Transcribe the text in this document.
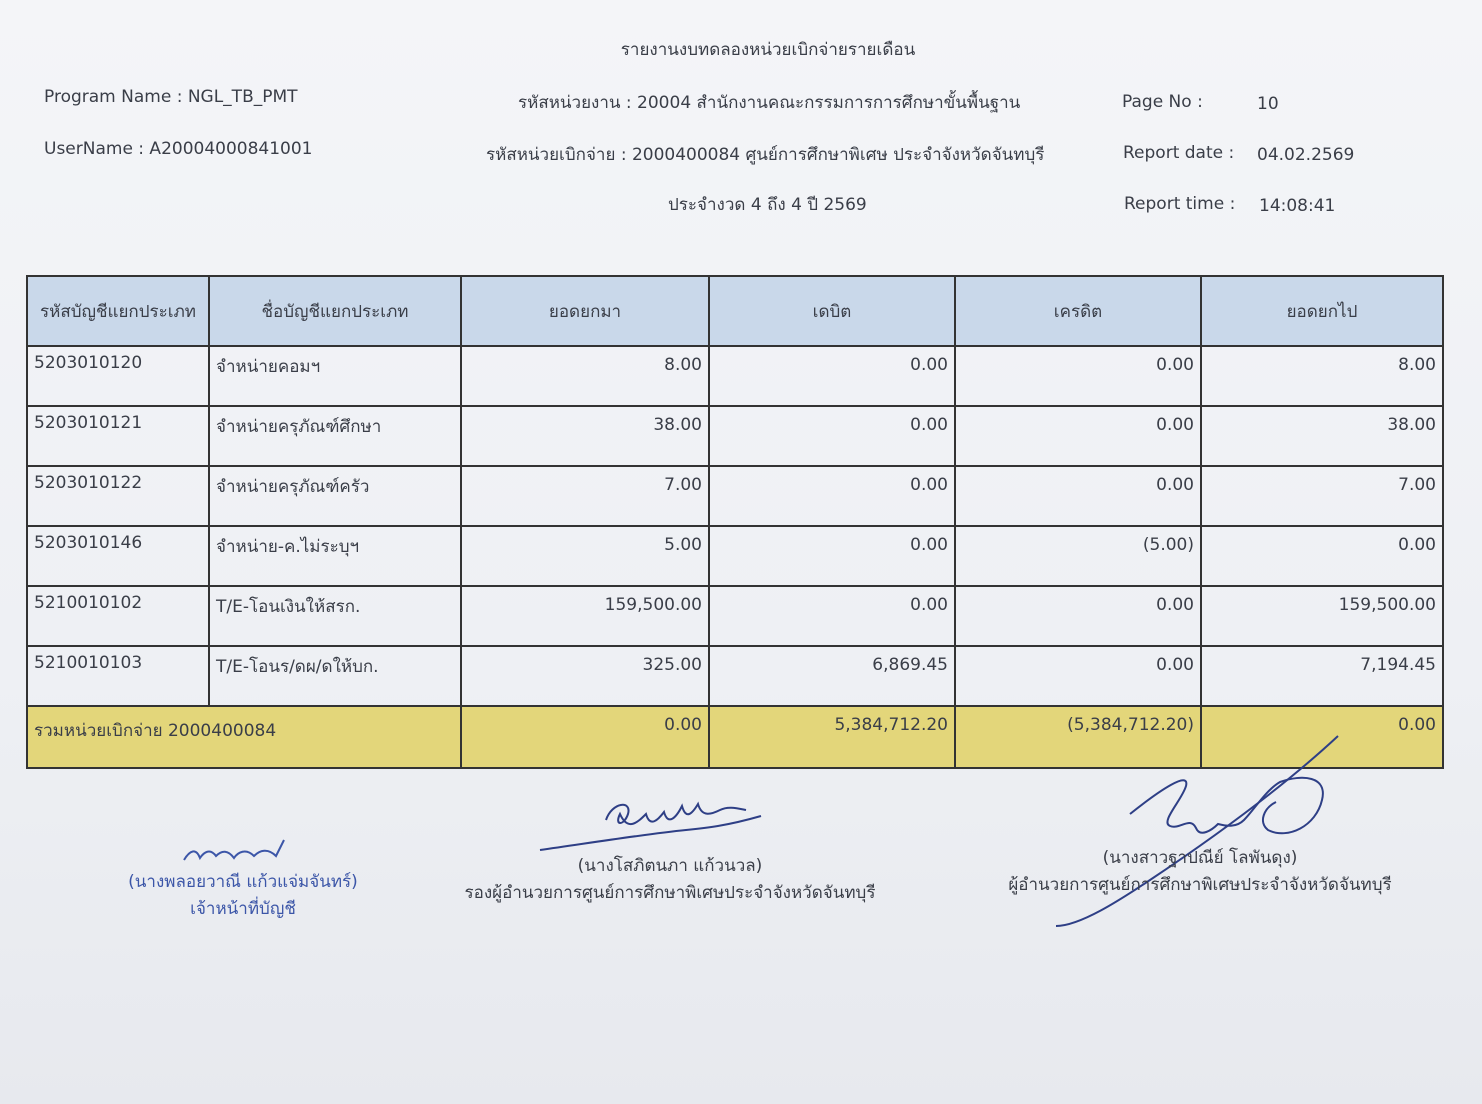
รายงานงบทดลองหน่วยเบิกจ่ายรายเดือน
Program Name : NGL_TB_PMT
UserName : A20004000841001
รหัสหน่วยงาน : 20004 สำนักงานคณะกรรมการการศึกษาขั้นพื้นฐาน
รหัสหน่วยเบิกจ่าย : 2000400084 ศูนย์การศึกษาพิเศษ ประจำจังหวัดจันทบุรี
ประจำงวด 4 ถึง 4 ปี 2569
Page No :	10
Report date : 04.02.2569
Report time : 14:08:41
รหัสบัญชีแยกประเภท	ชื่อบัญชีแยกประเภท	ยอดยกมา	เดบิต	เครดิต	ยอดยกไป
5203010120	จำหน่ายคอมฯ	8.00	0.00	0.00	8.00
5203010121	จำหน่ายครุภัณฑ์ศึกษา	38.00	0.00	0.00	38.00
5203010122	จำหน่ายครุภัณฑ์ครัว	7.00	0.00	0.00	7.00
5203010146	จำหน่าย-ค.ไม่ระบุฯ	5.00	0.00	(5.00)	0.00
5210010102	T/E-โอนเงินให้สรก.	159,500.00	0.00	0.00	159,500.00
5210010103	T/E-โอนร/ดผ/ดให้บก.	325.00	6,869.45	0.00	7,194.45
รวมหน่วยเบิกจ่าย 2000400084		0.00	5,384,712.20	(5,384,712.20)	0.00
(นางพลอยวาณี แก้วแจ่มจันทร์)
เจ้าหน้าที่บัญชี
(นางโสภิตนภา แก้วนวล)
รองผู้อำนวยการศูนย์การศึกษาพิเศษประจำจังหวัดจันทบุรี
(นางสาวฐาปณีย์ โลพันดุง)
ผู้อำนวยการศูนย์การศึกษาพิเศษประจำจังหวัดจันทบุรี
